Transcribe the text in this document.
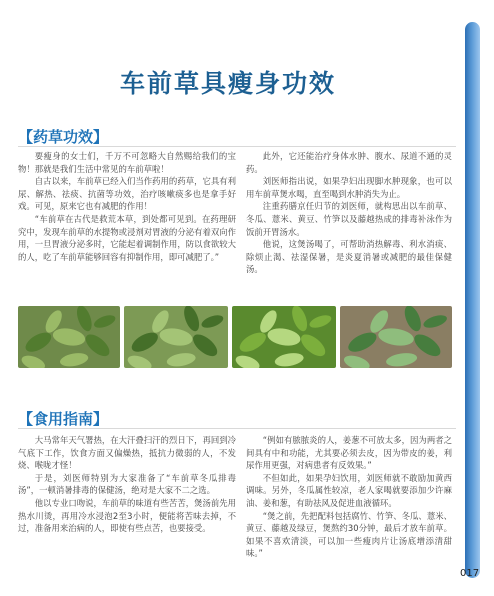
车前草具瘦身功效
【药草功效】

要瘦身的女士们，千万不可忽略大自然赐给我们的宝物！那就是我们生活中常见的车前草啦！

自古以来，车前草已经入们当作药用的药草，它具有利尿、解热、祛痰、抗菌等功效，治疗咳嗽痰多也是拿手好戏。可见，原来它也有减肥的作用！

“车前草在古代是救荒本草，到处都可见到。在药理研究中，发现车前草的水提物或浸剂对胃液的分泌有着双向作用，一旦胃液分泌多时，它能起着调制作用，防以食欲较大的人，吃了车前草能够回容有抑制作用，即可减肥了。”

此外，它还能治疗身体水肿、腹水、尿道不通的灵药。

刘医师指出说，如果孕妇出现脚水肿现象，也可以用车前草煲水喝，直至喝到水肿消失为止。

注重药膳京任归节的刘医师，就构思出以车前草、冬瓜、薏米、黄豆、竹笋以及藤越热成的排毒补泳作为饭前开胃汤水。

他说，这煲汤喝了，可帮助消热解毒、利水消痰、除烦止渴、祛湿保暑，是炎夏消暑或减肥的最佳保健汤。

【食用指南】

大马常年天气署热，在大汗叠扫汗的烈日下，再回到冷气底下工作，饮食方面又偏燥热，抵抗力微弱的人，不发烧、喉咙才怪！

于是，刘医师特别为大家准备了“车前草冬瓜排毒汤”，一顿消暑排毒的保健汤，绝对是大家不二之选。

他以专业口吻说，车前草的味道有些苦苦，煲汤前先用热水川烫，再用冷水浸泡2至3小时，便能将苦味去掉，不过，准备用来治病的人，即使有些点苦，也要接受。

“例如有脓脓炎的人，姜葱不可放太多，因为两者之间具有中和功能，尤其要必须去皮，因为带皮的姜，利尿作用更强，对病患者有反效果。”

不但如此，如果孕妇饮用，刘医师就不敢励加黄西调味。另外，冬瓜属性较凉，老人家喝就要添加少许麻油、姜和葱，有助祛风及促进血液循环。

“煲之前，先把配料包括腐竹、竹笋、冬瓜、薏米、黄豆、藤越及绿豆，煲熬约30分钟，最后才放车前草。如果不喜欢清淡，可以加一些瘦肉片让汤底增添清甜味。”

017
